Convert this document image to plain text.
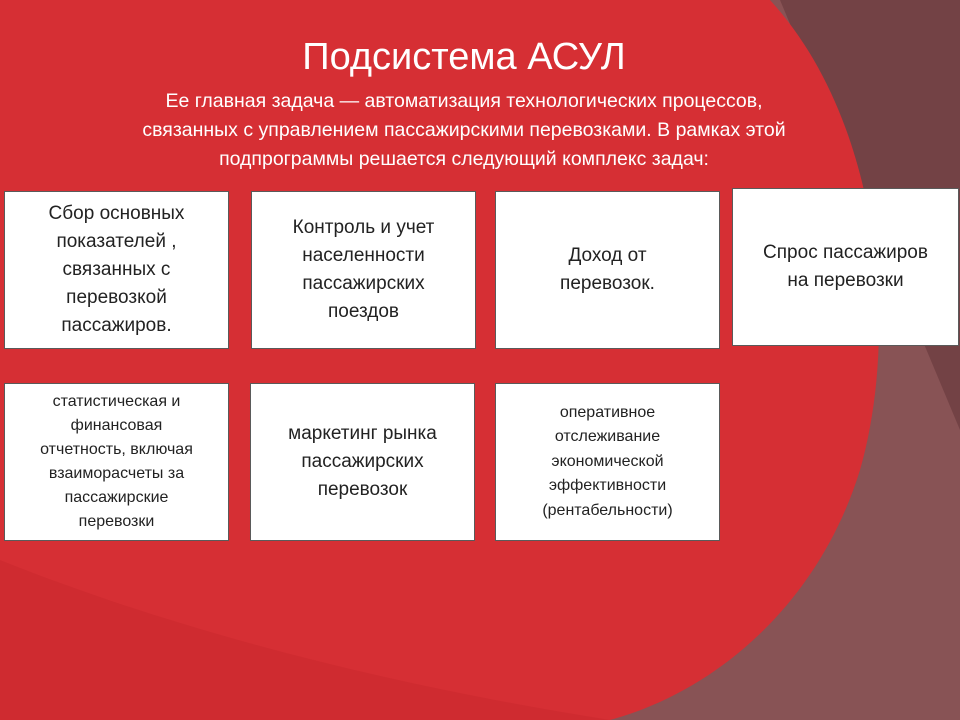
Подсистема АСУЛ
Ее главная задача — автоматизация технологических процессов,
связанных с управлением пассажирскими перевозками. В рамках этой
подпрограммы решается следующий комплекс задач:
Сбор основных
показателей ,
связанных с
перевозкой
пассажиров.
Контроль и учет
населенности
пассажирских
поездов
Доход от
перевозок.
Спрос пассажиров
на перевозки
статистическая и
финансовая
отчетность, включая
взаиморасчеты за
пассажирские
перевозки
маркетинг рынка
пассажирских
перевозок
оперативное
отслеживание
экономической
эффективности
(рентабельности)
